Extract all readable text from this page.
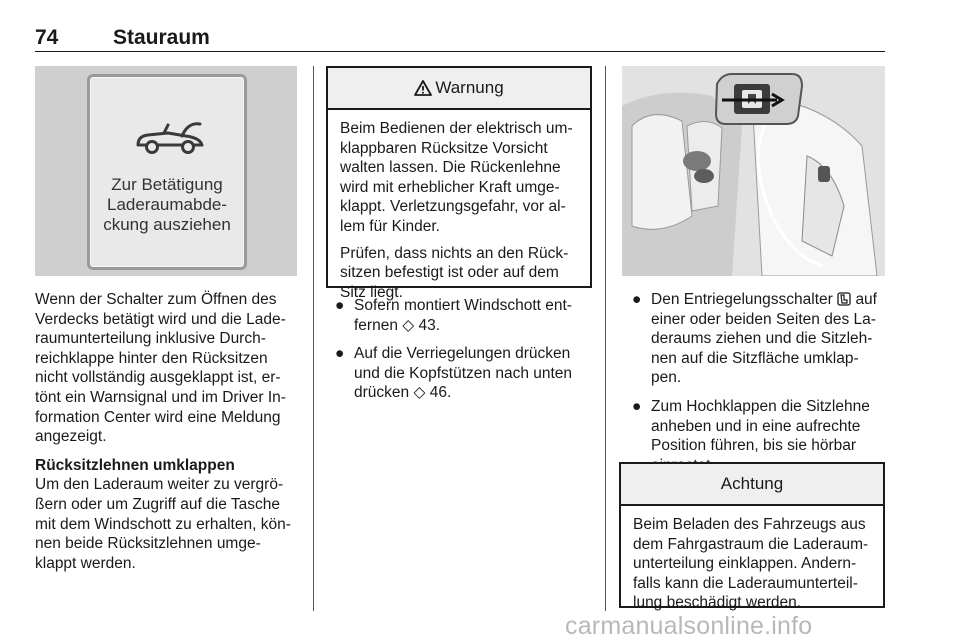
74	Stauraum
Zur Betätigung
Laderaumabde-
ckung ausziehen

Wenn der Schalter zum Öffnen des Verdecks betätigt wird und die Lade-raumunterteilung inklusive Durch-reichklappe hinter den Rücksitzen nicht vollständig ausgeklappt ist, er-tönt ein Warnsignal und im Driver In-formation Center wird eine Meldung angezeigt.

Rücksitzlehnen umklappen
Um den Laderaum weiter zu vergrö-ßern oder um Zugriff auf die Tasche mit dem Windschott zu erhalten, kön-nen beide Rücksitzlehnen umge-klappt werden.

Warnung

Beim Bedienen der elektrisch um-klappbaren Rücksitze Vorsicht walten lassen. Die Rückenlehne wird mit erheblicher Kraft umge-klappt. Verletzungsgefahr, vor al-lem für Kinder.

Prüfen, dass nichts an den Rück-sitzen befestigt ist oder auf dem Sitz liegt.

● Sofern montiert Windschott ent-fernen ◇ 43.
● Auf die Verriegelungen drücken und die Kopfstützen nach unten drücken ◇ 46.
● Den Entriegelungsschalter auf einer oder beiden Seiten des La-deraums ziehen und die Sitzleh-nen auf die Sitzfläche umklap-pen.
● Zum Hochklappen die Sitzlehne anheben und in eine aufrechte Position führen, bis sie hörbar
Achtung

Beim Beladen des Fahrzeugs aus dem Fahrgastraum die Laderaum-unterteilung einklappen. Andern-falls kann die Laderaumunterteil-lung beschädigt werden.

carmanualsonline.info
